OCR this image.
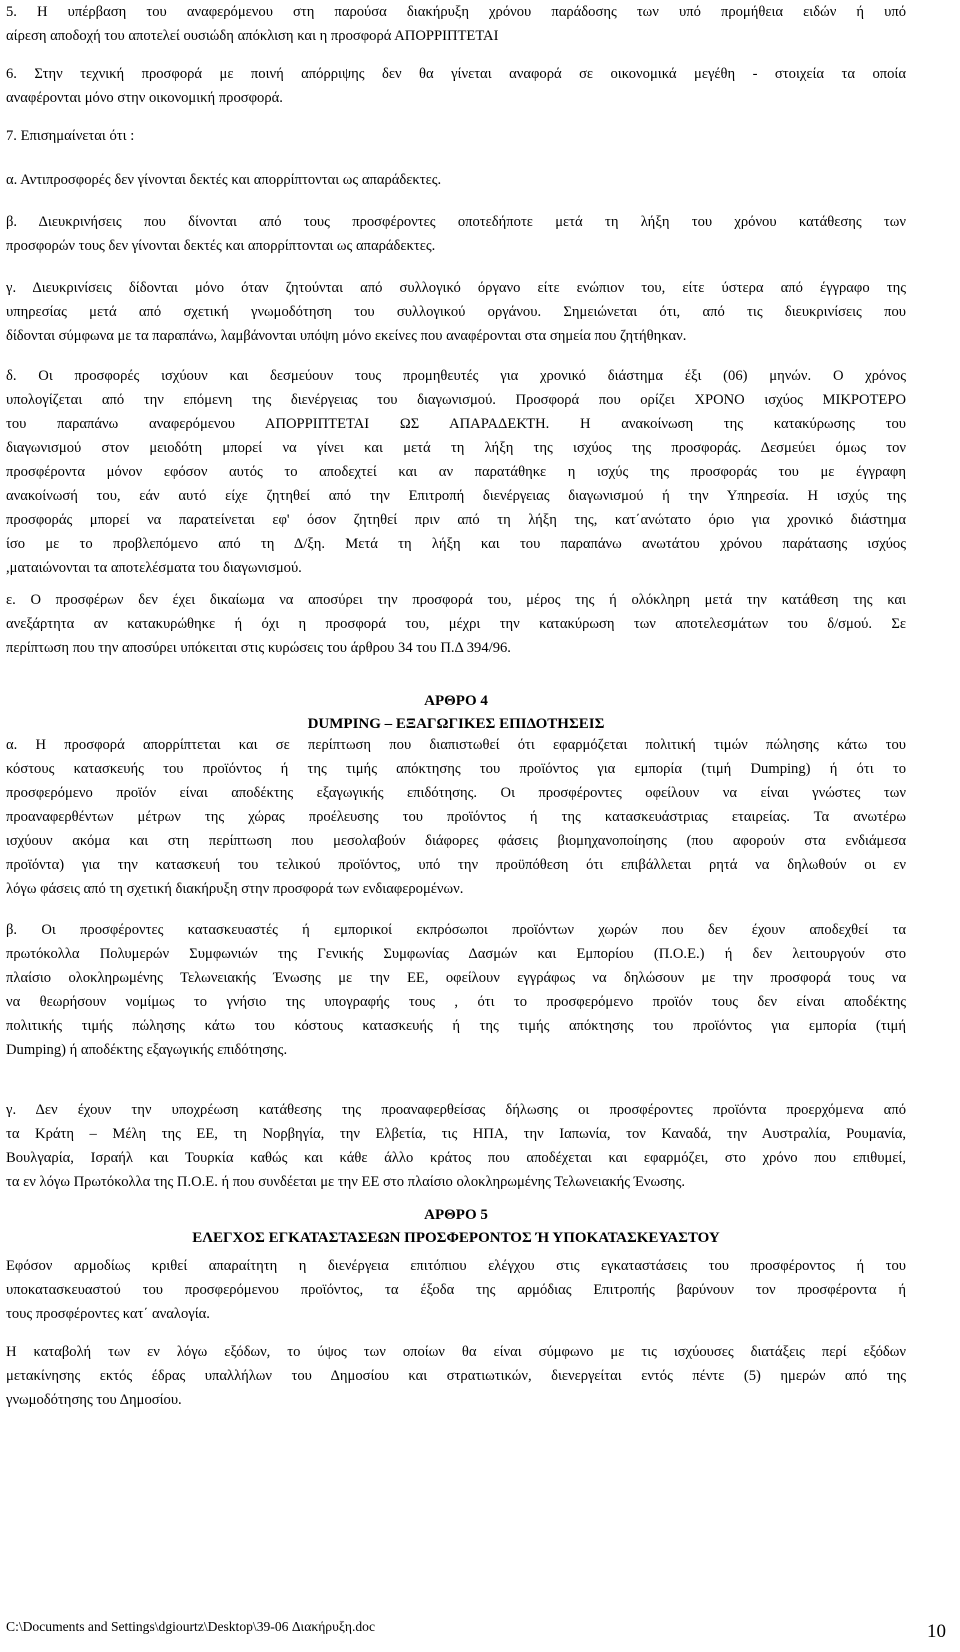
5. Η υπέρβαση του αναφερόμενου στη παρούσα διακήρυξη χρόνου παράδοσης των υπό προμήθεια ειδών ή υπό
αίρεση αποδοχή του αποτελεί ουσιώδη απόκλιση και η προσφορά ΑΠΟΡΡΙΠΤΕΤΑΙ
6. Στην τεχνική προσφορά με ποινή απόρριψης δεν θα γίνεται αναφορά σε οικονομικά μεγέθη - στοιχεία τα οποία
αναφέρονται μόνο στην οικονομική προσφορά.
7. Επισημαίνεται ότι :
α. Αντιπροσφορές δεν γίνονται δεκτές και απορρίπτονται ως απαράδεκτες.
β. Διευκρινήσεις που δίνονται από τους προσφέροντες οποτεδήποτε μετά τη λήξη του χρόνου κατάθεσης των
προσφορών τους δεν γίνονται δεκτές και απορρίπτονται ως απαράδεκτες.
γ. Διευκρινίσεις δίδονται μόνο όταν ζητούνται από συλλογικό όργανο είτε ενώπιον του, είτε ύστερα από έγγραφο της
υπηρεσίας μετά από σχετική γνωμοδότηση του συλλογικού οργάνου. Σημειώνεται ότι, από τις διευκρινίσεις που
δίδονται σύμφωνα με τα παραπάνω, λαμβάνονται υπόψη μόνο εκείνες που αναφέρονται στα σημεία που ζητήθηκαν.
δ. Οι προσφορές ισχύουν και δεσμεύουν τους προμηθευτές για χρονικό διάστημα έξι (06) μηνών. Ο χρόνος
υπολογίζεται από την επόμενη της διενέργειας του διαγωνισμού. Προσφορά που ορίζει ΧΡΟΝΟ ισχύος ΜΙΚΡΟΤΕΡΟ
του παραπάνω αναφερόμενου ΑΠΟΡΡΙΠΤΕΤΑΙ ΩΣ ΑΠΑΡΑΔΕΚΤΗ. Η ανακοίνωση της κατακύρωσης του
διαγωνισμού στον μειοδότη μπορεί να γίνει και μετά τη λήξη της ισχύος της προσφοράς. Δεσμεύει όμως τον
προσφέροντα μόνον εφόσον αυτός το αποδεχτεί και αν παρατάθηκε η ισχύς της προσφοράς του με έγγραφη
ανακοίνωσή του, εάν αυτό είχε ζητηθεί από την Επιτροπή διενέργειας διαγωνισμού ή την Υπηρεσία. Η ισχύς της
προσφοράς μπορεί να παρατείνεται εφ' όσον ζητηθεί πριν από τη λήξη της, κατ΄ανώτατο όριο για χρονικό διάστημα
ίσο με το προβλεπόμενο από τη Δ/ξη. Μετά τη λήξη και του παραπάνω ανωτάτου χρόνου παράτασης ισχύος
,ματαιώνονται τα αποτελέσματα του διαγωνισμού.
ε. Ο προσφέρων δεν έχει δικαίωμα να αποσύρει την προσφορά του, μέρος της ή ολόκληρη μετά την κατάθεση της και
ανεξάρτητα αν κατακυρώθηκε ή όχι η προσφορά του, μέχρι την κατακύρωση των αποτελεσμάτων του δ/σμού. Σε
περίπτωση που την αποσύρει υπόκειται στις κυρώσεις του άρθρου 34 του Π.Δ 394/96.
ΑΡΘΡΟ 4
DUMPING – ΕΞΑΓΩΓΙΚΕΣ ΕΠΙΔΟΤΗΣΕΙΣ
α. Η προσφορά απορρίπτεται και σε περίπτωση που διαπιστωθεί ότι εφαρμόζεται πολιτική τιμών πώλησης κάτω του
κόστους κατασκευής του προϊόντος ή της τιμής απόκτησης του προϊόντος για εμπορία (τιμή Dumping) ή ότι το
προσφερόμενο προϊόν είναι αποδέκτης εξαγωγικής επιδότησης. Οι προσφέροντες οφείλουν να είναι γνώστες των
προαναφερθέντων μέτρων της χώρας προέλευσης του προϊόντος ή της κατασκευάστριας εταιρείας. Τα ανωτέρω
ισχύουν ακόμα και στη περίπτωση που μεσολαβούν διάφορες φάσεις βιομηχανοποίησης (που αφορούν στα ενδιάμεσα
προϊόντα) για την κατασκευή του τελικού προϊόντος, υπό την προϋπόθεση ότι επιβάλλεται ρητά να δηλωθούν οι εν
λόγω φάσεις από τη σχετική διακήρυξη στην προσφορά των ενδιαφερομένων.
β. Οι προσφέροντες κατασκευαστές ή εμπορικοί εκπρόσωποι προϊόντων χωρών που δεν έχουν αποδεχθεί τα
πρωτόκολλα Πολυμερών Συμφωνιών της Γενικής Συμφωνίας Δασμών και Εμπορίου (Π.Ο.Ε.) ή δεν λειτουργούν στο
πλαίσιο ολοκληρωμένης Τελωνειακής Ένωσης με την ΕΕ, οφείλουν εγγράφως να δηλώσουν με την προσφορά τους να
να θεωρήσουν νομίμως το γνήσιο της υπογραφής τους , ότι το προσφερόμενο προϊόν τους δεν είναι αποδέκτης
πολιτικής τιμής πώλησης κάτω του κόστους κατασκευής ή της τιμής απόκτησης του προϊόντος για εμπορία (τιμή
Dumping) ή αποδέκτης εξαγωγικής επιδότησης.
γ. Δεν έχουν την υποχρέωση κατάθεσης της προαναφερθείσας δήλωσης οι προσφέροντες προϊόντα προερχόμενα από
τα Κράτη – Μέλη της ΕΕ, τη Νορβηγία, την Ελβετία, τις ΗΠΑ, την Ιαπωνία, τον Καναδά, την Αυστραλία, Ρουμανία,
Βουλγαρία, Ισραήλ και Τουρκία καθώς και κάθε άλλο κράτος που αποδέχεται και εφαρμόζει, στο χρόνο που επιθυμεί,
τα εν λόγω Πρωτόκολλα της Π.Ο.Ε. ή που συνδέεται με την ΕΕ στο πλαίσιο ολοκληρωμένης Τελωνειακής Ένωσης.
ΑΡΘΡΟ 5
ΕΛΕΓΧΟΣ ΕΓΚΑΤΑΣΤΑΣΕΩΝ ΠΡΟΣΦΕΡΟΝΤΟΣ Ή ΥΠΟΚΑΤΑΣΚΕΥΑΣΤΟΥ
Εφόσον αρμοδίως κριθεί απαραίτητη η διενέργεια επιτόπιου ελέγχου στις εγκαταστάσεις του προσφέροντος ή του
υποκατασκευαστού του προσφερόμενου προϊόντος, τα έξοδα της αρμόδιας Επιτροπής βαρύνουν τον προσφέροντα ή
τους προσφέροντες κατ΄ αναλογία.
Η καταβολή των εν λόγω εξόδων, το ύψος των οποίων θα είναι σύμφωνο με τις ισχύουσες διατάξεις περί εξόδων
μετακίνησης εκτός έδρας υπαλλήλων του Δημοσίου και στρατιωτικών, διενεργείται εντός πέντε (5) ημερών από της
γνωμοδότησης του Δημοσίου.
C:\Documents and Settings\dgiourtz\Desktop\39-06 Διακήρυξη.doc	10
